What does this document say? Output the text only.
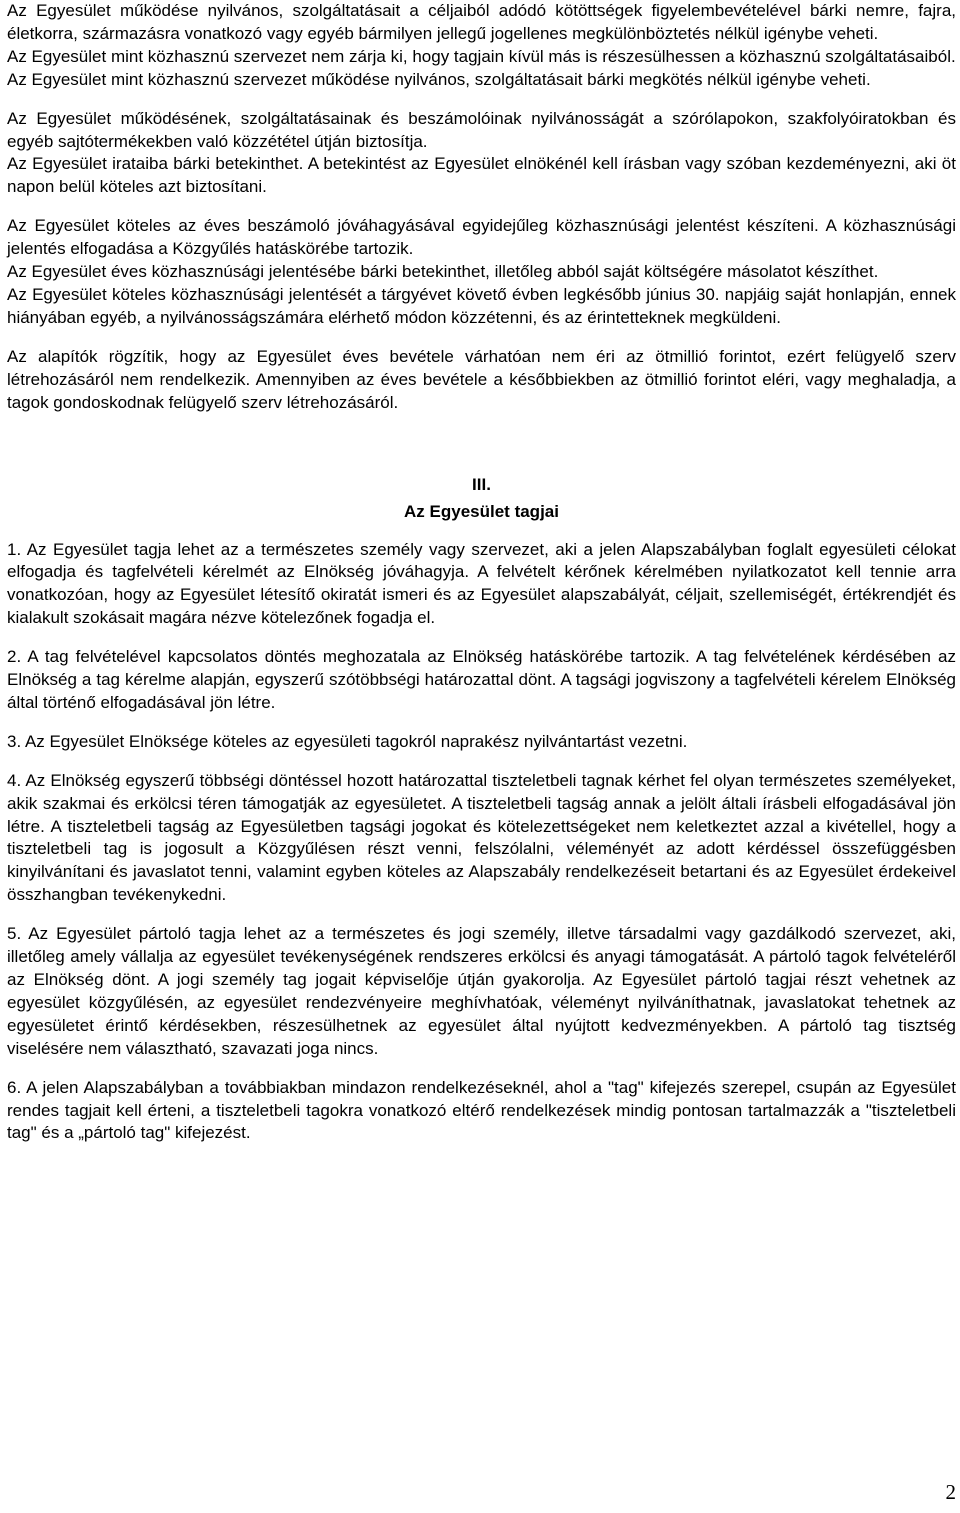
Az Egyesület működése nyilvános, szolgáltatásait a céljaiból adódó kötöttségek figyelembevételével bárki nemre, fajra, életkorra, származásra vonatkozó vagy egyéb bármilyen jellegű jogellenes megkülönböztetés nélkül igénybe veheti.

Az Egyesület mint közhasznú szervezet nem zárja ki, hogy tagjain kívül más is részesülhessen a közhasznú szolgáltatásaiból.

Az Egyesület mint közhasznú szervezet működése nyilvános, szolgáltatásait bárki megkötés nélkül igénybe veheti.

Az Egyesület működésének, szolgáltatásainak és beszámolóinak nyilvánosságát a szórólapokon, szakfolyóiratokban és egyéb sajtótermékekben való közzététel útján biztosítja.

Az Egyesület irataiba bárki betekinthet. A betekintést az Egyesület elnökénél kell írásban vagy szóban kezdeményezni, aki öt napon belül köteles azt biztosítani.

Az Egyesület köteles az éves beszámoló jóváhagyásával egyidejűleg közhasznúsági jelentést készíteni. A közhasznúsági jelentés elfogadása a Közgyűlés hatáskörébe tartozik.

Az Egyesület éves közhasznúsági jelentésébe bárki betekinthet, illetőleg abból saját költségére másolatot készíthet.

Az Egyesület köteles közhasznúsági jelentését a tárgyévet követő évben legkésőbb június 30. napjáig saját honlapján, ennek hiányában egyéb, a nyilvánosságszámára elérhető módon közzétenni, és az érintetteknek megküldeni.

Az alapítók rögzítik, hogy az Egyesület éves bevétele várhatóan nem éri az ötmillió forintot, ezért felügyelő szerv létrehozásáról nem rendelkezik. Amennyiben az éves bevétele a későbbiekben az ötmillió forintot eléri, vagy meghaladja, a tagok gondoskodnak felügyelő szerv létrehozásáról.

III.

Az Egyesület tagjai

1. Az Egyesület tagja lehet az a természetes személy vagy szervezet, aki a jelen Alapszabályban foglalt egyesületi célokat elfogadja és tagfelvételi kérelmét az Elnökség jóváhagyja. A felvételt kérőnek kérelmében nyilatkozatot kell tennie arra vonatkozóan, hogy az Egyesület létesítő okiratát ismeri és az Egyesület alapszabályát, céljait, szellemiségét, értékrendjét és kialakult szokásait magára nézve kötelezőnek fogadja el.

2. A tag felvételével kapcsolatos döntés meghozatala az Elnökség hatáskörébe tartozik. A tag felvételének kérdésében az Elnökség a tag kérelme alapján, egyszerű szótöbbségi határozattal dönt. A tagsági jogviszony a tagfelvételi kérelem Elnökség által történő elfogadásával jön létre.

3. Az Egyesület Elnöksége köteles az egyesületi tagokról naprakész nyilvántartást vezetni.

4. Az Elnökség egyszerű többségi döntéssel hozott határozattal tiszteletbeli tagnak kérhet fel olyan természetes személyeket, akik szakmai és erkölcsi téren támogatják az egyesületet. A tiszteletbeli tagság annak a jelölt általi írásbeli elfogadásával jön létre. A tiszteletbeli tagság az Egyesületben tagsági jogokat és kötelezettségeket nem keletkeztet azzal a kivétellel, hogy a tiszteletbeli tag is jogosult a Közgyűlésen részt venni, felszólalni, véleményét az adott kérdéssel összefüggésben kinyilvánítani és javaslatot tenni, valamint egyben köteles az Alapszabály rendelkezéseit betartani és az Egyesület érdekeivel összhangban tevékenykedni.

5. Az Egyesület pártoló tagja lehet az a természetes és jogi személy, illetve társadalmi vagy gazdálkodó szervezet, aki, illetőleg amely vállalja az egyesület tevékenységének rendszeres erkölcsi és anyagi támogatását. A pártoló tagok felvételéről az Elnökség dönt. A jogi személy tag jogait képviselője útján gyakorolja. Az Egyesület pártoló tagjai részt vehetnek az egyesület közgyűlésén, az egyesület rendezvényeire meghívhatóak, véleményt nyilváníthatnak, javaslatokat tehetnek az egyesületet érintő kérdésekben, részesülhetnek az egyesület által nyújtott kedvezményekben. A pártoló tag tisztség viselésére nem választható, szavazati joga nincs.

6. A jelen Alapszabályban a továbbiakban mindazon rendelkezéseknél, ahol a "tag" kifejezés szerepel, csupán az Egyesület rendes tagjait kell érteni, a tiszteletbeli tagokra vonatkozó eltérő rendelkezések mindig pontosan tartalmazzák a "tiszteletbeli tag" és a „pártoló tag" kifejezést.

2
